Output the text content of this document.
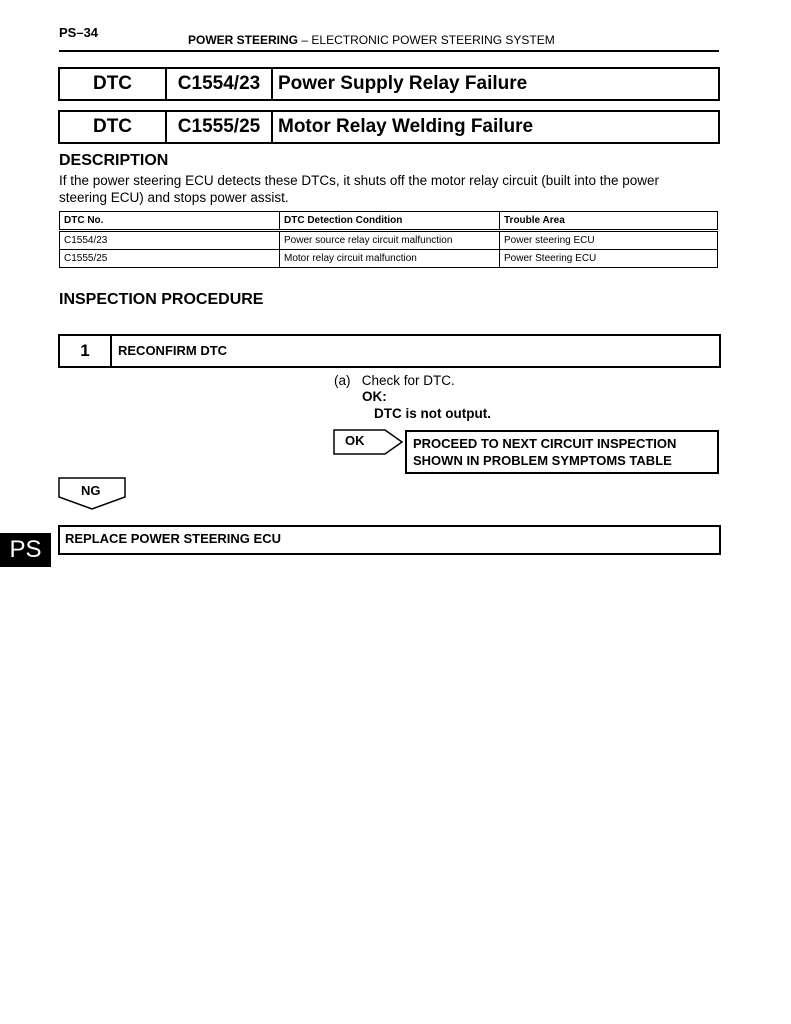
PS–34	POWER STEERING – ELECTRONIC POWER STEERING SYSTEM
DTC	C1554/23 Power Supply Relay Failure
DTC	C1555/25 Motor Relay Welding Failure
DESCRIPTION
If the power steering ECU detects these DTCs, it shuts off the motor relay circuit (built into the power steering ECU) and stops power assist.
DTC No.	DTC Detection Condition	Trouble Area
C1554/23	Power source relay circuit malfunction	Power steering ECU
C1555/25	Motor relay circuit malfunction	Power Steering ECU
INSPECTION PROCEDURE
1	RECONFIRM DTC
(a)   Check for DTC.
OK:
DTC is not output.
OK	PROCEED TO NEXT CIRCUIT INSPECTION SHOWN IN PROBLEM SYMPTOMS TABLE
NG
REPLACE POWER STEERING ECU
PS
